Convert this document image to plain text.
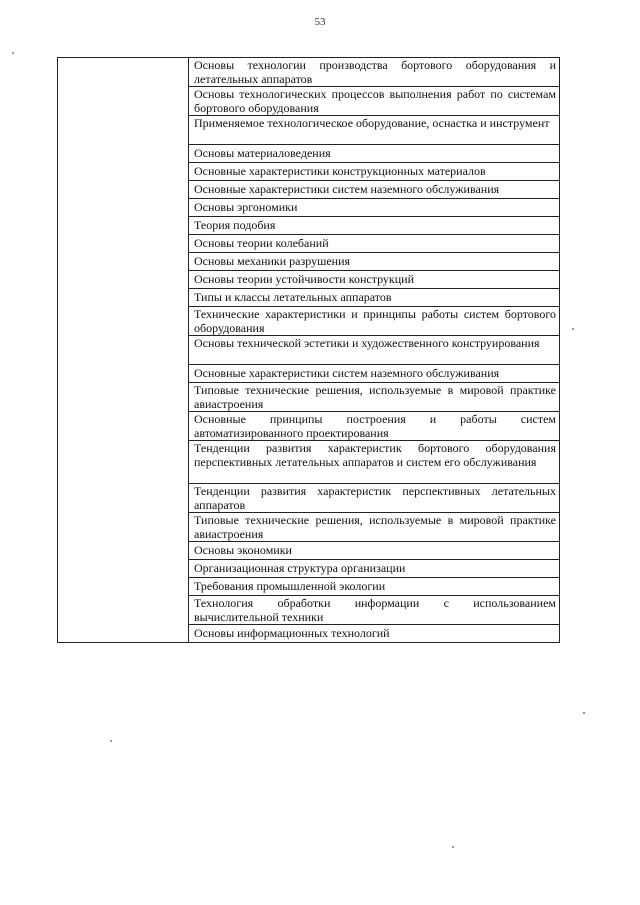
53
	Основы технологии производства бортового оборудования и летательных аппаратов
Основы технологических процессов выполнения работ по системам бортового оборудования
Применяемое технологическое оборудование, оснастка и инструмент
Основы материаловедения
Основные характеристики конструкционных материалов
Основные характеристики систем наземного обслуживания
Основы эргономики
Теория подобия
Основы теории колебаний
Основы механики разрушения
Основы теории устойчивости конструкций
Типы и классы летательных аппаратов
Технические характеристики и принципы работы систем бортового оборудования
Основы технической эстетики и художественного конструирования
Основные характеристики систем наземного обслуживания
Типовые технические решения, используемые в мировой практике авиастроения
Основные принципы построения и работы систем автоматизированного проектирования
Тенденции развития характеристик бортового оборудования перспективных летательных аппаратов и систем его обслуживания
Тенденции развития характеристик перспективных летательных аппаратов
Типовые технические решения, используемые в мировой практике авиастроения
Основы экономики
Организационная структура организации
Требования промышленной экологии
Технология обработки информации с использованием вычислительной техники
Основы информационных технологий
